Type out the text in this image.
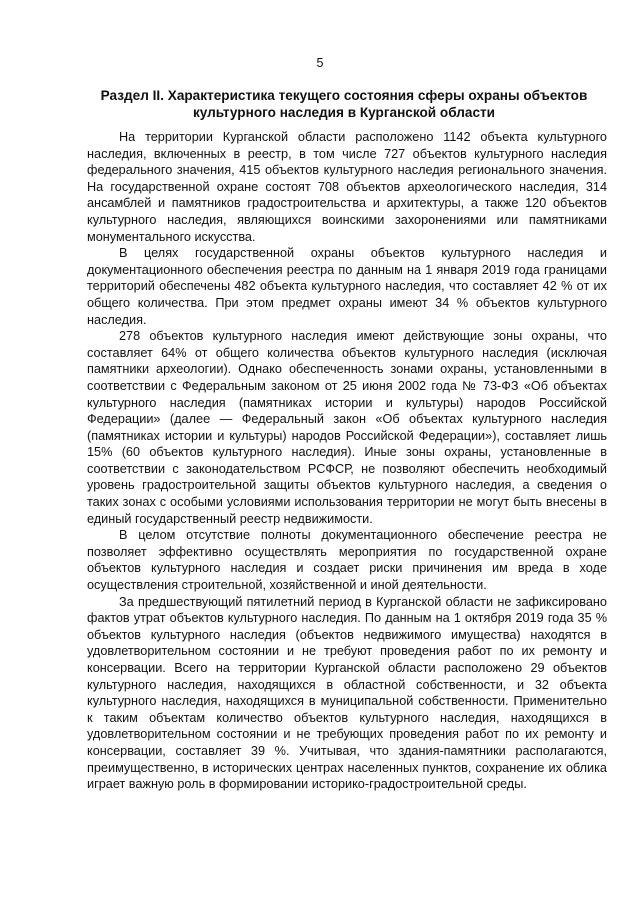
5
Раздел II. Характеристика текущего состояния сферы охраны объектов культурного наследия в Курганской области

На территории Курганской области расположено 1142 объекта культурного наследия, включенных в реестр, в том числе 727 объектов культурного наследия федерального значения, 415 объектов культурного наследия регионального значения. На государственной охране состоят 708 объектов археологического наследия, 314 ансамблей и памятников градостроительства и архитектуры, а также 120 объектов культурного наследия, являющихся воинскими захоронениями или памятниками монументального искусства.

В целях государственной охраны объектов культурного наследия и документационного обеспечения реестра по данным на 1 января 2019 года границами территорий обеспечены 482 объекта культурного наследия, что составляет 42 % от их общего количества. При этом предмет охраны имеют 34 % объектов культурного наследия.

278 объектов культурного наследия имеют действующие зоны охраны, что составляет 64% от общего количества объектов культурного наследия (исключая памятники археологии). Однако обеспеченность зонами охраны, установленными в соответствии с Федеральным законом от 25 июня 2002 года № 73-ФЗ «Об объектах культурного наследия (памятниках истории и культуры) народов Российской Федерации» (далее — Федеральный закон «Об объектах культурного наследия (памятниках истории и культуры) народов Российской Федерации»), составляет лишь 15% (60 объектов культурного наследия). Иные зоны охраны, установленные в соответствии с законодательством РСФСР, не позволяют обеспечить необходимый уровень градостроительной защиты объектов культурного наследия, а сведения о таких зонах с особыми условиями использования территории не могут быть внесены в единый государственный реестр недвижимости.

В целом отсутствие полноты документационного обеспечение реестра не позволяет эффективно осуществлять мероприятия по государственной охране объектов культурного наследия и создает риски причинения им вреда в ходе осуществления строительной, хозяйственной и иной деятельности.

За предшествующий пятилетний период в Курганской области не зафиксировано фактов утрат объектов культурного наследия. По данным на 1 октября 2019 года 35 % объектов культурного наследия (объектов недвижимого имущества) находятся в удовлетворительном состоянии и не требуют проведения работ по их ремонту и консервации. Всего на территории Курганской области расположено 29 объектов культурного наследия, находящихся в областной собственности, и 32 объекта культурного наследия, находящихся в муниципальной собственности. Применительно к таким объектам количество объектов культурного наследия, находящихся в удовлетворительном состоянии и не требующих проведения работ по их ремонту и консервации, составляет 39 %. Учитывая, что здания-памятники располагаются, преимущественно, в исторических центрах населенных пунктов, сохранение их облика играет важную роль в формировании историко-градостроительной среды.
